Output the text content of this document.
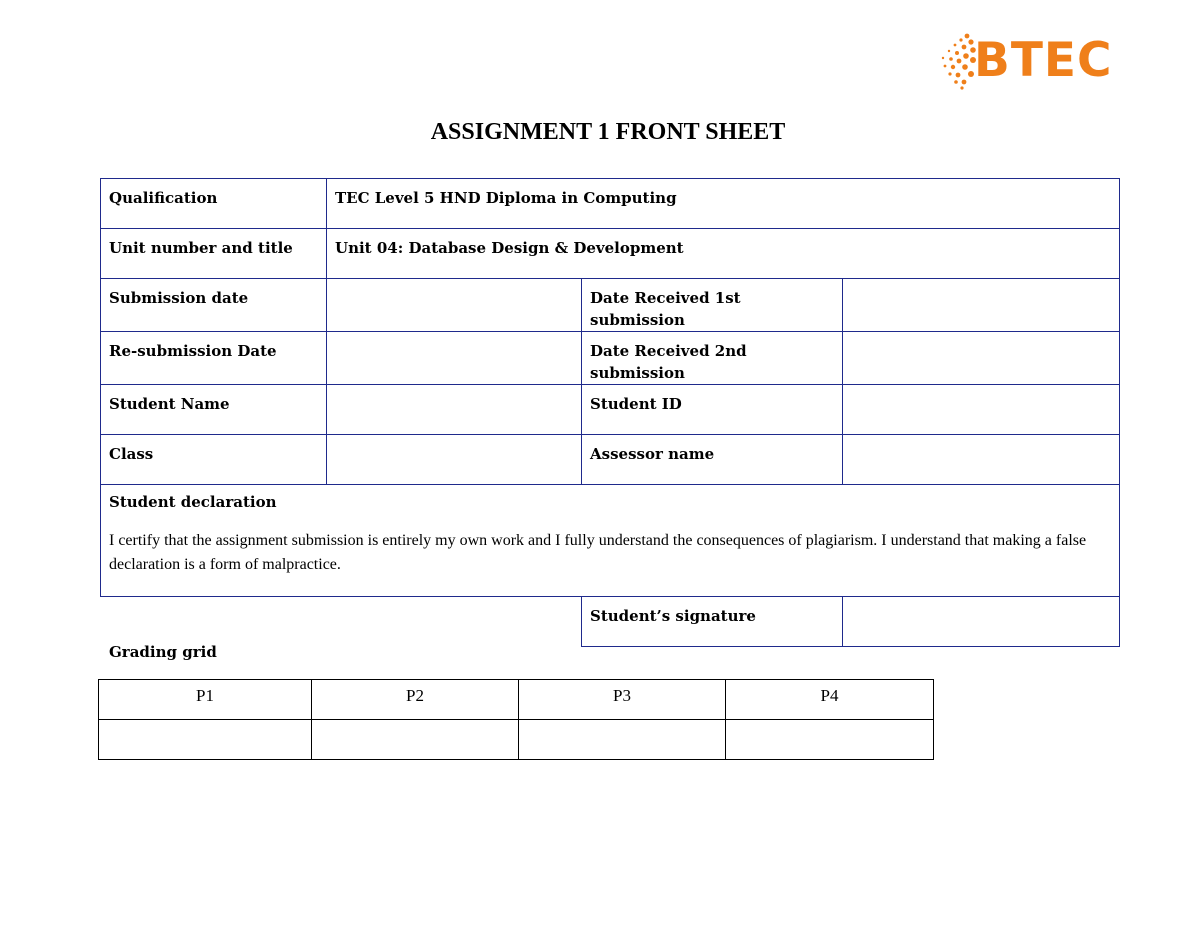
BTEC
ASSIGNMENT 1 FRONT SHEET
Qualification	TEC Level 5 HND Diploma in Computing		
Unit number and title	Unit 04: Database Design & Development		
Submission date		Date Received 1st submission	
Re-submission Date		Date Received 2nd submission	
Student Name		Student ID	
Class		Assessor name	

Student declaration
I certify that the assignment submission is entirely my own work and I fully understand the consequences of plagiarism. I understand that making a false declaration is a form of malpractice.			

		Student’s signature	
Grading grid
P1	P2	P3	P4
